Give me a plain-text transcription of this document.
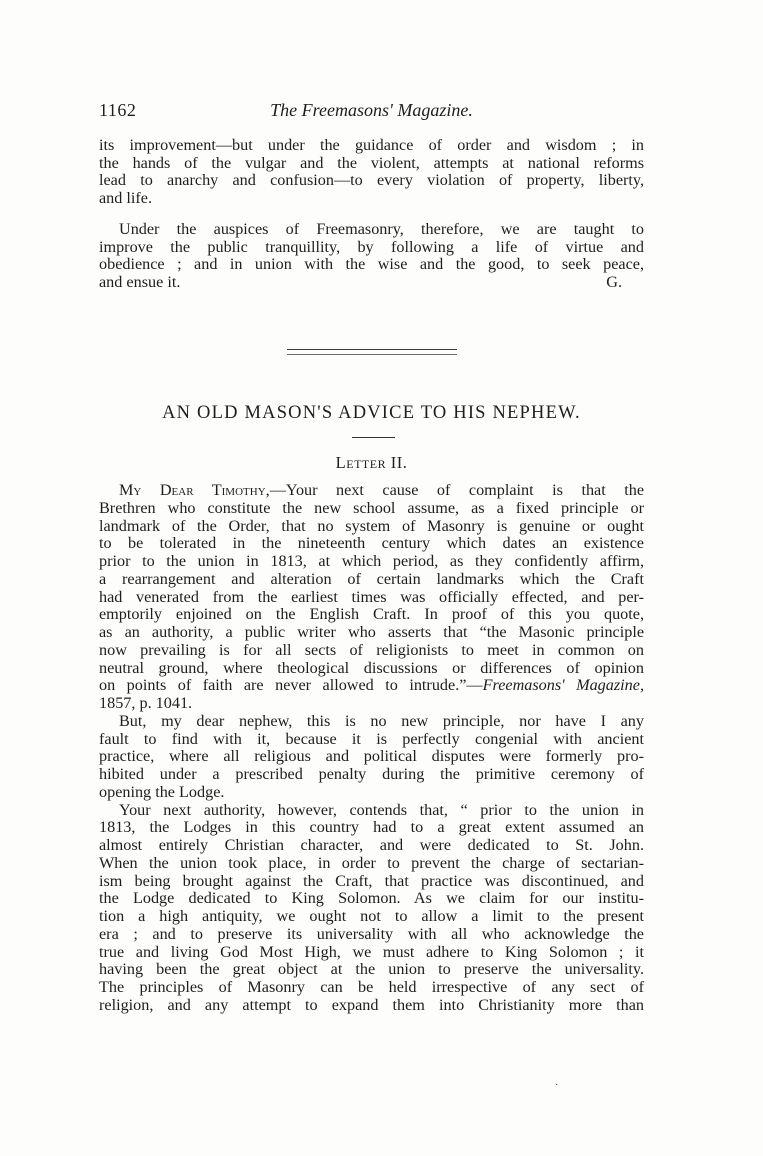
1162	The Freemasons' Magazine.
its improvement—but under the guidance of order and wisdom ; in
the hands of the vulgar and the violent, attempts at national reforms
lead to anarchy and confusion—to every violation of property, liberty,
and life.
Under the auspices of Freemasonry, therefore, we are taught to
improve the public tranquillity, by following a life of virtue and
obedience ; and in union with the wise and the good, to seek peace,
and ensue it.	G.
AN OLD MASON'S ADVICE TO HIS NEPHEW.
Letter II.
My Dear Timothy,—Your next cause of complaint is that the
Brethren who constitute the new school assume, as a fixed principle or
landmark of the Order, that no system of Masonry is genuine or ought
to be tolerated in the nineteenth century which dates an existence
prior to the union in 1813, at which period, as they confidently affirm,
a rearrangement and alteration of certain landmarks which the Craft
had venerated from the earliest times was officially effected, and per-
emptorily enjoined on the English Craft. In proof of this you quote,
as an authority, a public writer who asserts that “the Masonic principle
now prevailing is for all sects of religionists to meet in common on
neutral ground, where theological discussions or differences of opinion
on points of faith are never allowed to intrude.”—Freemasons' Magazine,
1857, p. 1041.
But, my dear nephew, this is no new principle, nor have I any
fault to find with it, because it is perfectly congenial with ancient
practice, where all religious and political disputes were formerly pro-
hibited under a prescribed penalty during the primitive ceremony of
opening the Lodge.
Your next authority, however, contends that, “ prior to the union in
1813, the Lodges in this country had to a great extent assumed an
almost entirely Christian character, and were dedicated to St. John.
When the union took place, in order to prevent the charge of sectarian-
ism being brought against the Craft, that practice was discontinued, and
the Lodge dedicated to King Solomon. As we claim for our institu-
tion a high antiquity, we ought not to allow a limit to the present
era ; and to preserve its universality with all who acknowledge the
true and living God Most High, we must adhere to King Solomon ; it
having been the great object at the union to preserve the universality.
The principles of Masonry can be held irrespective of any sect of
religion, and any attempt to expand them into Christianity more than
·
